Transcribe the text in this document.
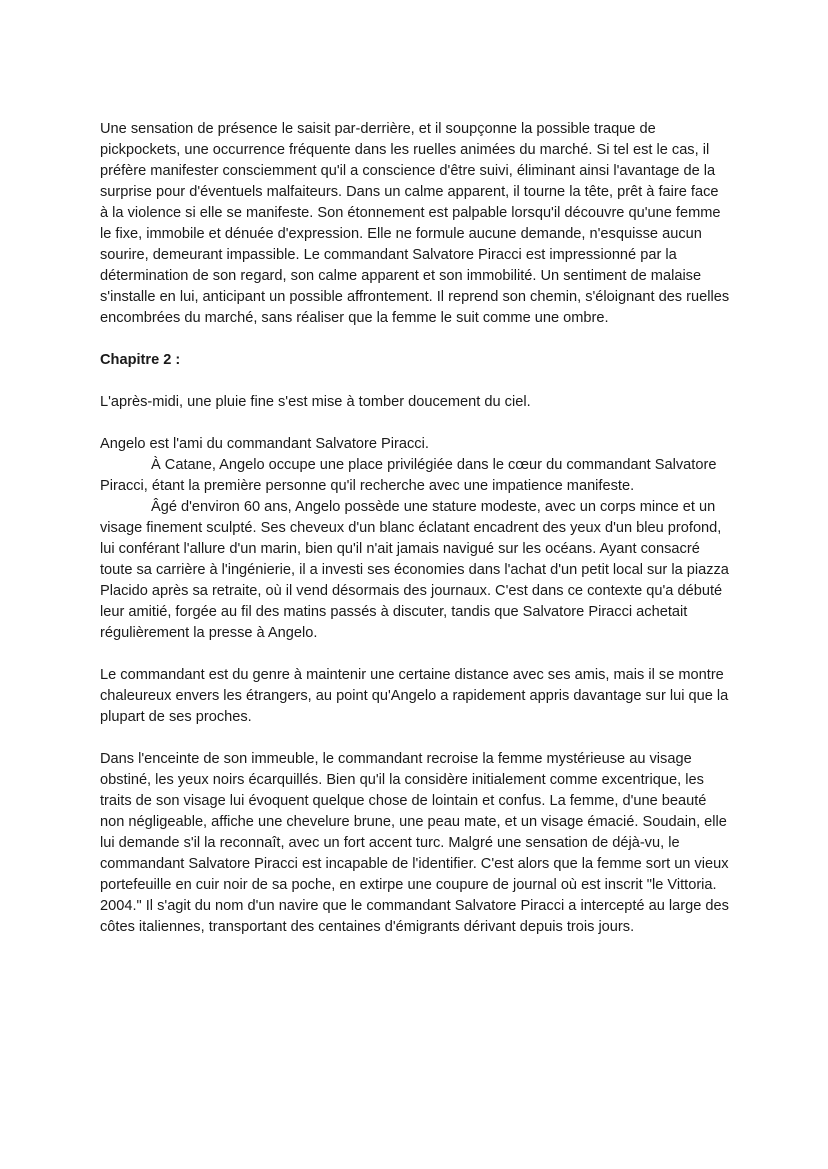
Une sensation de présence le saisit par-derrière, et il soupçonne la possible traque de pickpockets, une occurrence fréquente dans les ruelles animées du marché. Si tel est le cas, il préfère manifester consciemment qu'il a conscience d'être suivi, éliminant ainsi l'avantage de la surprise pour d'éventuels malfaiteurs. Dans un calme apparent, il tourne la tête, prêt à faire face à la violence si elle se manifeste. Son étonnement est palpable lorsqu'il découvre qu'une femme le fixe, immobile et dénuée d'expression. Elle ne formule aucune demande, n'esquisse aucun sourire, demeurant impassible. Le commandant Salvatore Piracci est impressionné par la détermination de son regard, son calme apparent et son immobilité. Un sentiment de malaise s'installe en lui, anticipant un possible affrontement. Il reprend son chemin, s'éloignant des ruelles encombrées du marché, sans réaliser que la femme le suit comme une ombre.

Chapitre 2 :

L'après-midi, une pluie fine s'est mise à tomber doucement du ciel.

Angelo est l'ami du commandant Salvatore Piracci.

À Catane, Angelo occupe une place privilégiée dans le cœur du commandant Salvatore Piracci, étant la première personne qu'il recherche avec une impatience manifeste.

Âgé d'environ 60 ans, Angelo possède une stature modeste, avec un corps mince et un visage finement sculpté. Ses cheveux d'un blanc éclatant encadrent des yeux d'un bleu profond, lui conférant l'allure d'un marin, bien qu'il n'ait jamais navigué sur les océans. Ayant consacré toute sa carrière à l'ingénierie, il a investi ses économies dans l'achat d'un petit local sur la piazza Placido après sa retraite, où il vend désormais des journaux. C'est dans ce contexte qu'a débuté leur amitié, forgée au fil des matins passés à discuter, tandis que Salvatore Piracci achetait régulièrement la presse à Angelo.

Le commandant est du genre à maintenir une certaine distance avec ses amis, mais il se montre chaleureux envers les étrangers, au point qu'Angelo a rapidement appris davantage sur lui que la plupart de ses proches.

Dans l'enceinte de son immeuble, le commandant recroise la femme mystérieuse au visage obstiné, les yeux noirs écarquillés. Bien qu'il la considère initialement comme excentrique, les traits de son visage lui évoquent quelque chose de lointain et confus. La femme, d'une beauté non négligeable, affiche une chevelure brune, une peau mate, et un visage émacié. Soudain, elle lui demande s'il la reconnaît, avec un fort accent turc. Malgré une sensation de déjà-vu, le commandant Salvatore Piracci est incapable de l'identifier. C'est alors que la femme sort un vieux portefeuille en cuir noir de sa poche, en extirpe une coupure de journal où est inscrit "le Vittoria. 2004." Il s'agit du nom d'un navire que le commandant Salvatore Piracci a intercepté au large des côtes italiennes, transportant des centaines d'émigrants dérivant depuis trois jours.
